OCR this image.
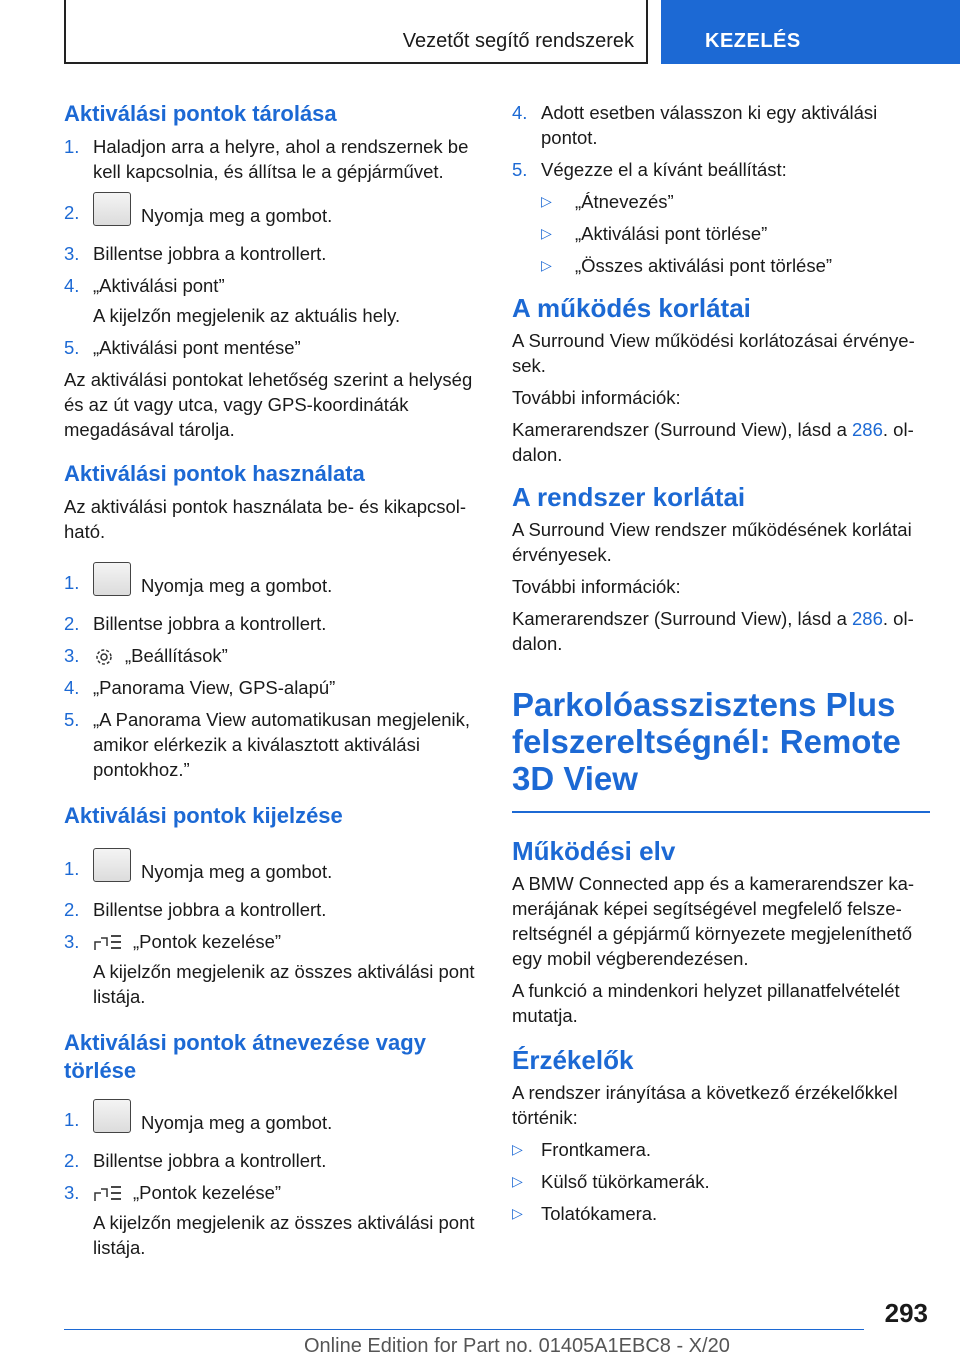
Vezetőt segítő rendszerek	KEZELÉS
Aktiválási pontok tárolása
1. Haladjon arra a helyre, ahol a rendszernek be kell kapcsolnia, és állítsa le a gépjárművet.
2.	Nyomja meg a gombot.
3. Billentse jobbra a kontrollert.
4. „Aktiválási pont”
A kijelzőn megjelenik az aktuális hely.
5. „Aktiválási pont mentése”

Az aktiválási pontokat lehetőség szerint a helység és az út vagy utca, vagy GPS-koordináták megadásával tárolja.

Aktiválási pontok használata

Az aktiválási pontok használata be- és kikapcsolható.

1.	Nyomja meg a gombot.
2. Billentse jobbra a kontrollert.
3.	„Beállítások”
4. „Panorama View, GPS-alapú”
5. „A Panorama View automatikusan megjelenik, amikor elérkezik a kiválasztott aktiválási pontokhoz.”
Aktiválási pontok kijelzése
1.	Nyomja meg a gombot.
2. Billentse jobbra a kontrollert.
3.	„Pontok kezelése”
A kijelzőn megjelenik az összes aktiválási pont listája.
Aktiválási pontok átnevezése vagy törlése
1.	Nyomja meg a gombot.
2. Billentse jobbra a kontrollert.
3.	„Pontok kezelése”
A kijelzőn megjelenik az összes aktiválási pont listája.
4. Adott esetben válasszon ki egy aktiválási pontot.
5. Végezze el a kívánt beállítást:
▷	„Átnevezés”
▷	„Aktiválási pont törlése”
▷	„Összes aktiválási pont törlése”
A működés korlátai

A Surround View működési korlátozásai érvényesek.

További információk:

Kamerarendszer (Surround View), lásd a 286. oldalon.

A rendszer korlátai

A Surround View rendszer működésének korlátai érvényesek.

További információk:

Kamerarendszer (Surround View), lásd a 286. oldalon.

Parkolóasszisztens Plus felszereltségnél: Remote 3D View
Működési elv

A BMW Connected app és a kamerarendszer kamerájának képei segítségével megfelelő felszereltségnél a gépjármű környezete megjeleníthető egy mobil végberendezésen.

A funkció a mindenkori helyzet pillanatfelvételét mutatja.

Érzékelők

A rendszer irányítása a következő érzékelőkkel történik:

▷ Frontkamera.
▷ Külső tükörkamerák.
▷ Tolatókamera.
293
Online Edition for Part no. 01405A1EBC8 - X/20
